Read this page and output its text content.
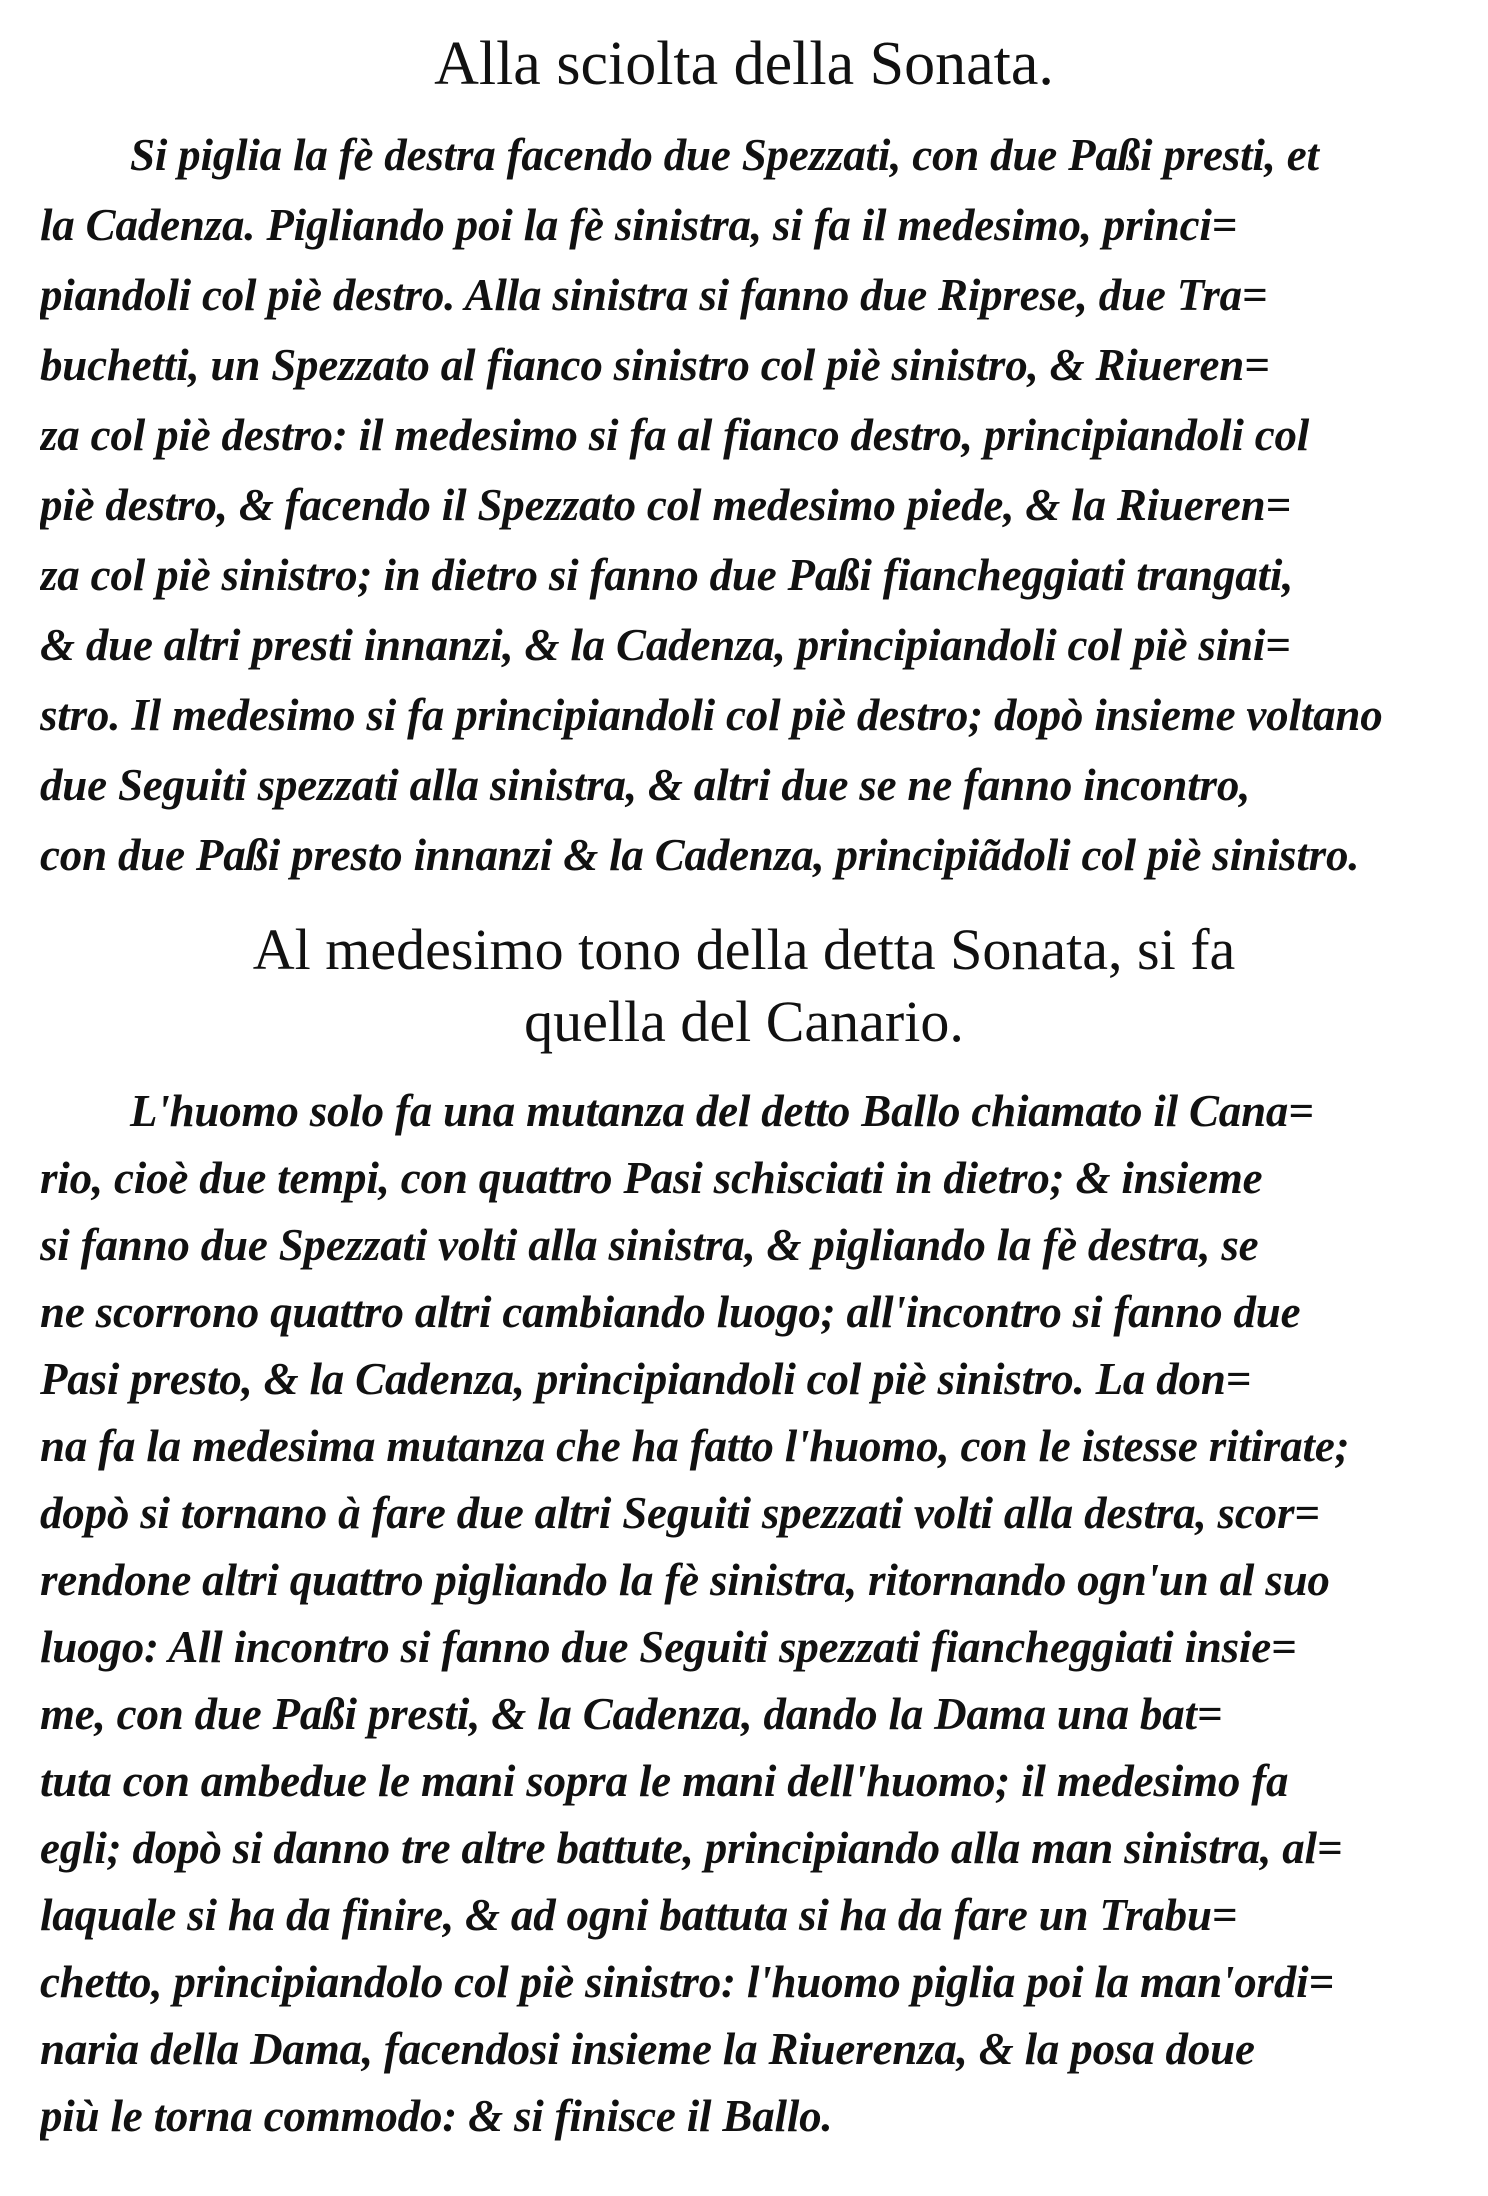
Alla sciolta della Sonata.
Si piglia la fè destra facendo due Spezzati, con due Paßi presti, et
la Cadenza. Pigliando poi la fè sinistra, si fa il medesimo, princi=
piandoli col piè destro. Alla sinistra si fanno due Riprese, due Tra=
buchetti, un Spezzato al fianco sinistro col piè sinistro, & Riueren=
za col piè destro: il medesimo si fa al fianco destro, principiandoli col
piè destro, & facendo il Spezzato col medesimo piede, & la Riueren=
za col piè sinistro; in dietro si fanno due Paßi fiancheggiati trangati,
& due altri presti innanzi, & la Cadenza, principiandoli col piè sini=
stro. Il medesimo si fa principiandoli col piè destro; dopò insieme voltano
due Seguiti spezzati alla sinistra, & altri due se ne fanno incontro,
con due Paßi presto innanzi & la Cadenza, principiãdoli col piè sinistro.
Al medesimo tono della detta Sonata, si fa
quella del Canario.
L'huomo solo fa una mutanza del detto Ballo chiamato il Cana=
rio, cioè due tempi, con quattro Pasi schisciati in dietro; & insieme
si fanno due Spezzati volti alla sinistra, & pigliando la fè destra, se
ne scorrono quattro altri cambiando luogo; all'incontro si fanno due
Pasi presto, & la Cadenza, principiandoli col piè sinistro. La don=
na fa la medesima mutanza che ha fatto l'huomo, con le istesse ritirate;
dopò si tornano à fare due altri Seguiti spezzati volti alla destra, scor=
rendone altri quattro pigliando la fè sinistra, ritornando ogn'un al suo
luogo: All incontro si fanno due Seguiti spezzati fiancheggiati insie=
me, con due Paßi presti, & la Cadenza, dando la Dama una bat=
tuta con ambedue le mani sopra le mani dell'huomo; il medesimo fa
egli; dopò si danno tre altre battute, principiando alla man sinistra, al=
laquale si ha da finire, & ad ogni battuta si ha da fare un Trabu=
chetto, principiandolo col piè sinistro: l'huomo piglia poi la man'ordi=
naria della Dama, facendosi insieme la Riuerenza, & la posa doue
più le torna commodo: & si finisce il Ballo.
